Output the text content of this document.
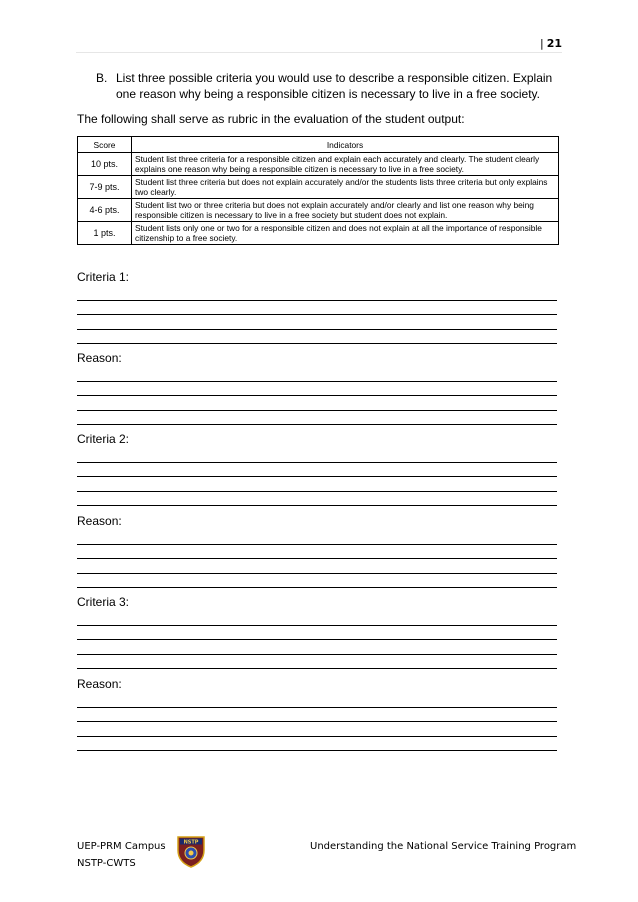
| 21
B. List three possible criteria you would use to describe a responsible citizen. Explain one reason why being a responsible citizen is necessary to live in a free society.
The following shall serve as rubric in the evaluation of the student output:
Score	Indicators
10 pts.	Student list three criteria for a responsible citizen and explain each accurately and clearly. The student clearly explains one reason why being a responsible citizen is necessary to live in a free society.
7-9 pts.	Student list three criteria but does not explain accurately and/or the students lists three criteria but only explains two clearly.
4-6 pts.	Student list two or three criteria but does not explain accurately and/or clearly and list one reason why being responsible citizen is necessary to live in a free society but student does not explain.
1 pts.	Student lists only one or two for a responsible citizen and does not explain at all the importance of responsible citizenship to a free society.
Criteria 1:
Reason:
Criteria 2:
Reason:
Criteria 3:
Reason:
UEP-PRM Campus
NSTP-CWTS
NSTP	Understanding the National Service Training Program
